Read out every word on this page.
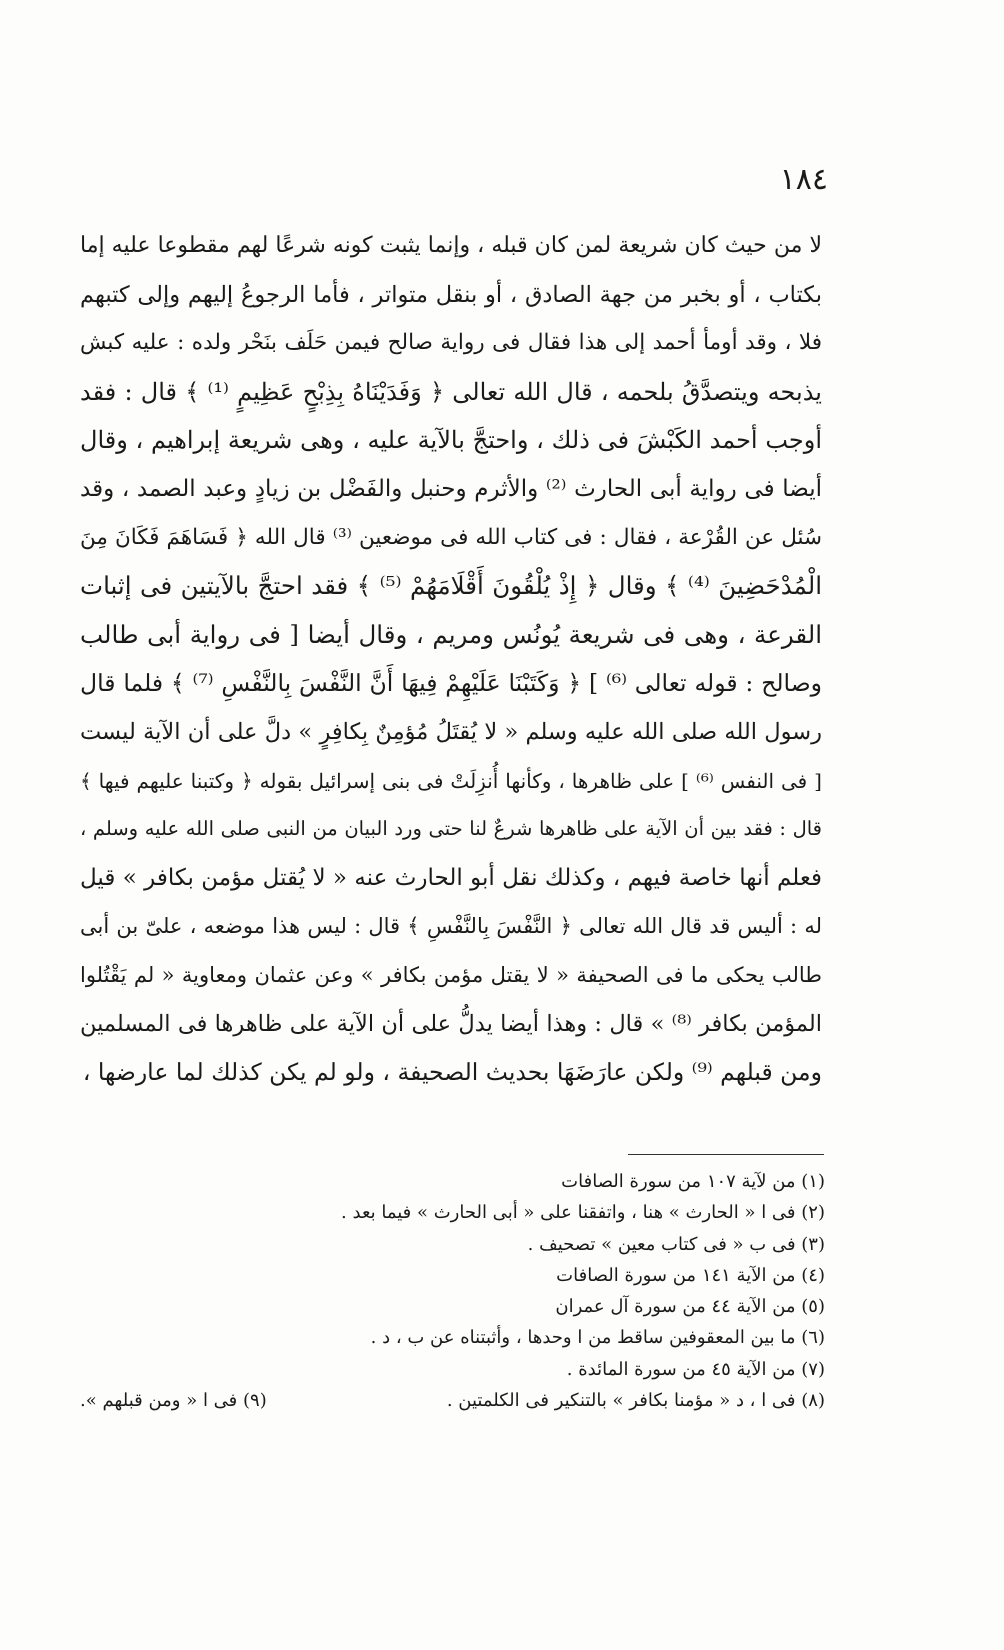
١٨٤
لا من حيث كان شريعة لمن كان قبله ، وإنما يثبت كونه شرعًا لهم مقطوعا عليه إما
بكتاب ، أو بخبر من جهة الصادق ، أو بنقل متواتر ، فأما الرجوعُ إليهم وإلى كتبهم
فلا ، وقد أومأ أحمد إلى هذا فقال فى رواية صالح فيمن حَلَف بنَحْر ولده : عليه كبش
يذبحه ويتصدَّقُ بلحمه ، قال الله تعالى ﴿ وَفَدَيْنَاهُ بِذِبْحٍ عَظِيمٍ ⁽¹⁾ ﴾ قال : فقد
أوجب أحمد الكَبْشَ فى ذلك ، واحتجَّ بالآية عليه ، وهى شريعة إبراهيم ، وقال
أيضا فى رواية أبى الحارث ⁽²⁾ والأثرم وحنبل والفَضْل بن زيادٍ وعبد الصمد ، وقد
سُئل عن القُرْعة ، فقال : فى كتاب الله فى موضعين ⁽³⁾ قال الله ﴿ فَسَاهَمَ فَكَانَ مِنَ
الْمُدْحَضِينَ ⁽⁴⁾ ﴾ وقال ﴿ إِذْ يُلْقُونَ أَقْلَامَهُمْ ⁽⁵⁾ ﴾ فقد احتجَّ بالآيتين فى إثبات
القرعة ، وهى فى شريعة يُونُس ومريم ، وقال أيضا [ فى رواية أبى طالب
وصالح : قوله تعالى ⁽⁶⁾ ] ﴿ وَكَتَبْنَا عَلَيْهِمْ فِيهَا أَنَّ النَّفْسَ بِالنَّفْسِ ⁽⁷⁾ ﴾ فلما قال
رسول الله صلى الله عليه وسلم « لا يُقتَلُ مُؤمِنٌ بِكافِرٍ » دلَّ على أن الآية ليست
[ فى النفس ⁽⁶⁾ ] على ظاهرها ، وكأنها أُنزِلَتْ فى بنى إسرائيل بقوله ﴿ وكتبنا عليهم فيها ﴾
قال : فقد بين أن الآية على ظاهرها شرعٌ لنا حتى ورد البيان من النبى صلى الله عليه وسلم ،
فعلم أنها خاصة فيهم ، وكذلك نقل أبو الحارث عنه « لا يُقتل مؤمن بكافر » قيل
له : أليس قد قال الله تعالى ﴿ النَّفْسَ بِالنَّفْسِ ﴾ قال : ليس هذا موضعه ، علىّ بن أبى
طالب يحكى ما فى الصحيفة « لا يقتل مؤمن بكافر » وعن عثمان ومعاوية « لم يَقْتُلوا
المؤمن بكافر ⁽⁸⁾ » قال : وهذا أيضا يدلُّ على أن الآية على ظاهرها فى المسلمين
ومن قبلهم ⁽⁹⁾ ولكن عارَضَهَا بحديث الصحيفة ، ولو لم يكن كذلك لما عارضها ،
(١) من لآية ١٠٧ من سورة الصافات
(٢) فى ا « الحارث » هنا ، واتفقنا على « أبى الحارث » فيما بعد .
(٣) فى ب « فى كتاب معين » تصحيف .
(٤) من الآية ١٤١ من سورة الصافات
(٥) من الآية ٤٤ من سورة آل عمران
(٦) ما بين المعقوفين ساقط من ا وحدها ، وأثبتناه عن ب ، د .
(٧) من الآية ٤٥ من سورة المائدة .
(٨) فى ا ، د « مؤمنا بكافر » بالتنكير فى الكلمتين .
(٩) فى ا « ومن قبلهم ».
